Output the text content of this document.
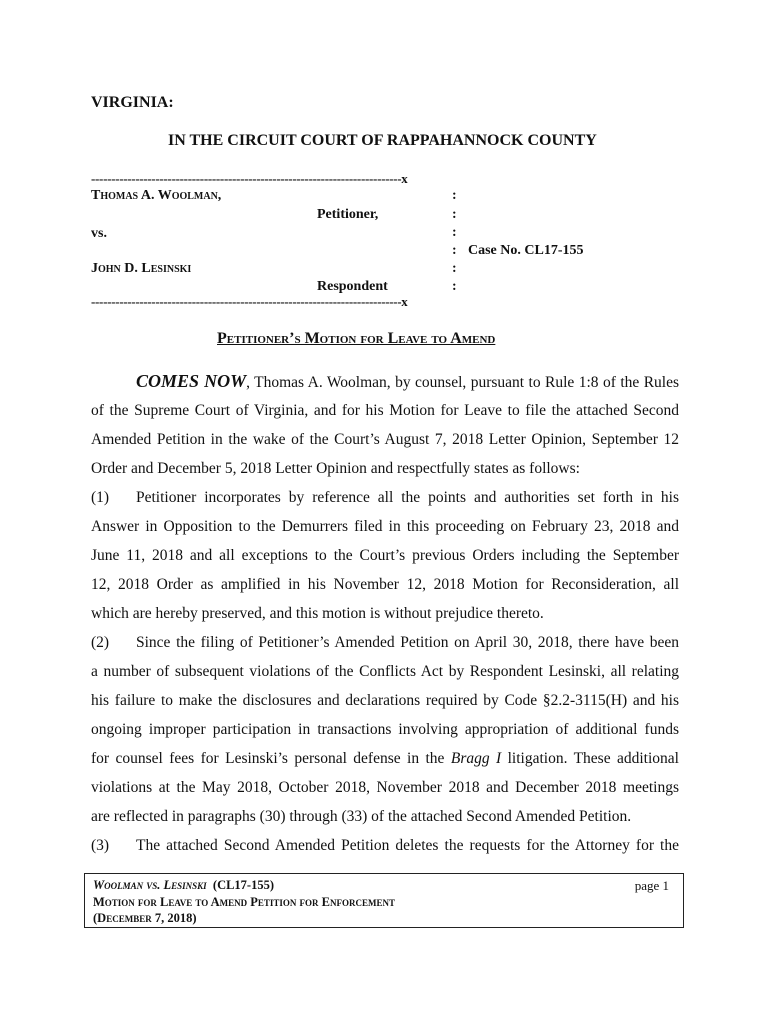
VIRGINIA:
IN THE CIRCUIT COURT OF RAPPAHANNOCK COUNTY
-----------------------------------------------------------------------------x
Thomas A. Woolman,
Petitioner,
vs.
Case No. CL17-155
John D. Lesinski
Respondent
:
:
:
:
:
:
-----------------------------------------------------------------------------x
Petitioner’s Motion for Leave to Amend
COMES NOW, Thomas A. Woolman, by counsel, pursuant to Rule 1:8 of the Rules
of the Supreme Court of Virginia, and for his Motion for Leave to file the attached Second
Amended Petition in the wake of the Court’s August 7, 2018 Letter Opinion, September 12
Order and December 5, 2018 Letter Opinion and respectfully states as follows:
(1) Petitioner incorporates by reference all the points and authorities set forth in his
Answer in Opposition to the Demurrers filed in this proceeding on February 23, 2018 and
June 11, 2018 and all exceptions to the Court’s previous Orders including the September
12, 2018 Order as amplified in his November 12, 2018 Motion for Reconsideration, all
which are hereby preserved, and this motion is without prejudice thereto.
(2) Since the filing of Petitioner’s Amended Petition on April 30, 2018, there have been
a number of subsequent violations of the Conflicts Act by Respondent Lesinski, all relating
his failure to make the disclosures and declarations required by Code §2.2-3115(H) and his
ongoing improper participation in transactions involving appropriation of additional funds
for counsel fees for Lesinski’s personal defense in the Bragg I litigation. These additional
violations at the May 2018, October 2018, November 2018 and December 2018 meetings
are reflected in paragraphs (30) through (33) of the attached Second Amended Petition.
(3) The attached Second Amended Petition deletes the requests for the Attorney for the
Woolman vs. Lesinski (CL17-155)	page 1
Motion for Leave to Amend Petition for Enforcement
(December 7, 2018)
